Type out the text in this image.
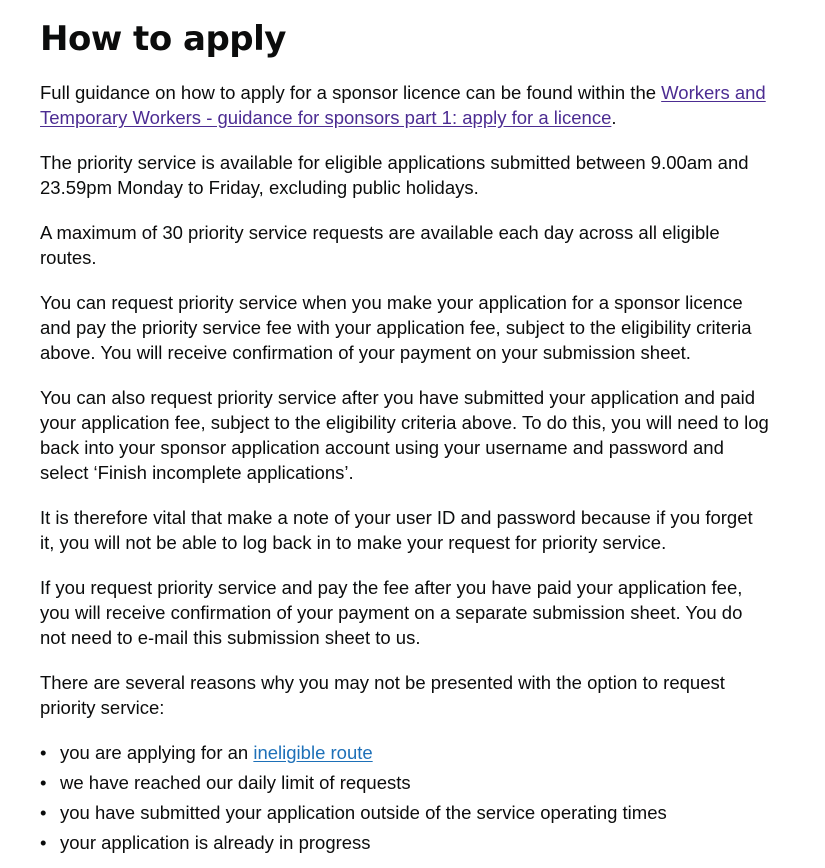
How to apply

Full guidance on how to apply for a sponsor licence can be found within the Workers and Temporary Workers - guidance for sponsors part 1: apply for a licence.

The priority service is available for eligible applications submitted between 9.00am and 23.59pm Monday to Friday, excluding public holidays.

A maximum of 30 priority service requests are available each day across all eligible routes.

You can request priority service when you make your application for a sponsor licence and pay the priority service fee with your application fee, subject to the eligibility criteria above. You will receive confirmation of your payment on your submission sheet.

You can also request priority service after you have submitted your application and paid your application fee, subject to the eligibility criteria above. To do this, you will need to log back into your sponsor application account using your username and password and select ‘Finish incomplete applications’.

It is therefore vital that make a note of your user ID and password because if you forget it, you will not be able to log back in to make your request for priority service.

If you request priority service and pay the fee after you have paid your application fee, you will receive confirmation of your payment on a separate submission sheet. You do not need to e-mail this submission sheet to us.

There are several reasons why you may not be presented with the option to request priority service:

• you are applying for an ineligible route
• we have reached our daily limit of requests
• you have submitted your application outside of the service operating times
• your application is already in progress
